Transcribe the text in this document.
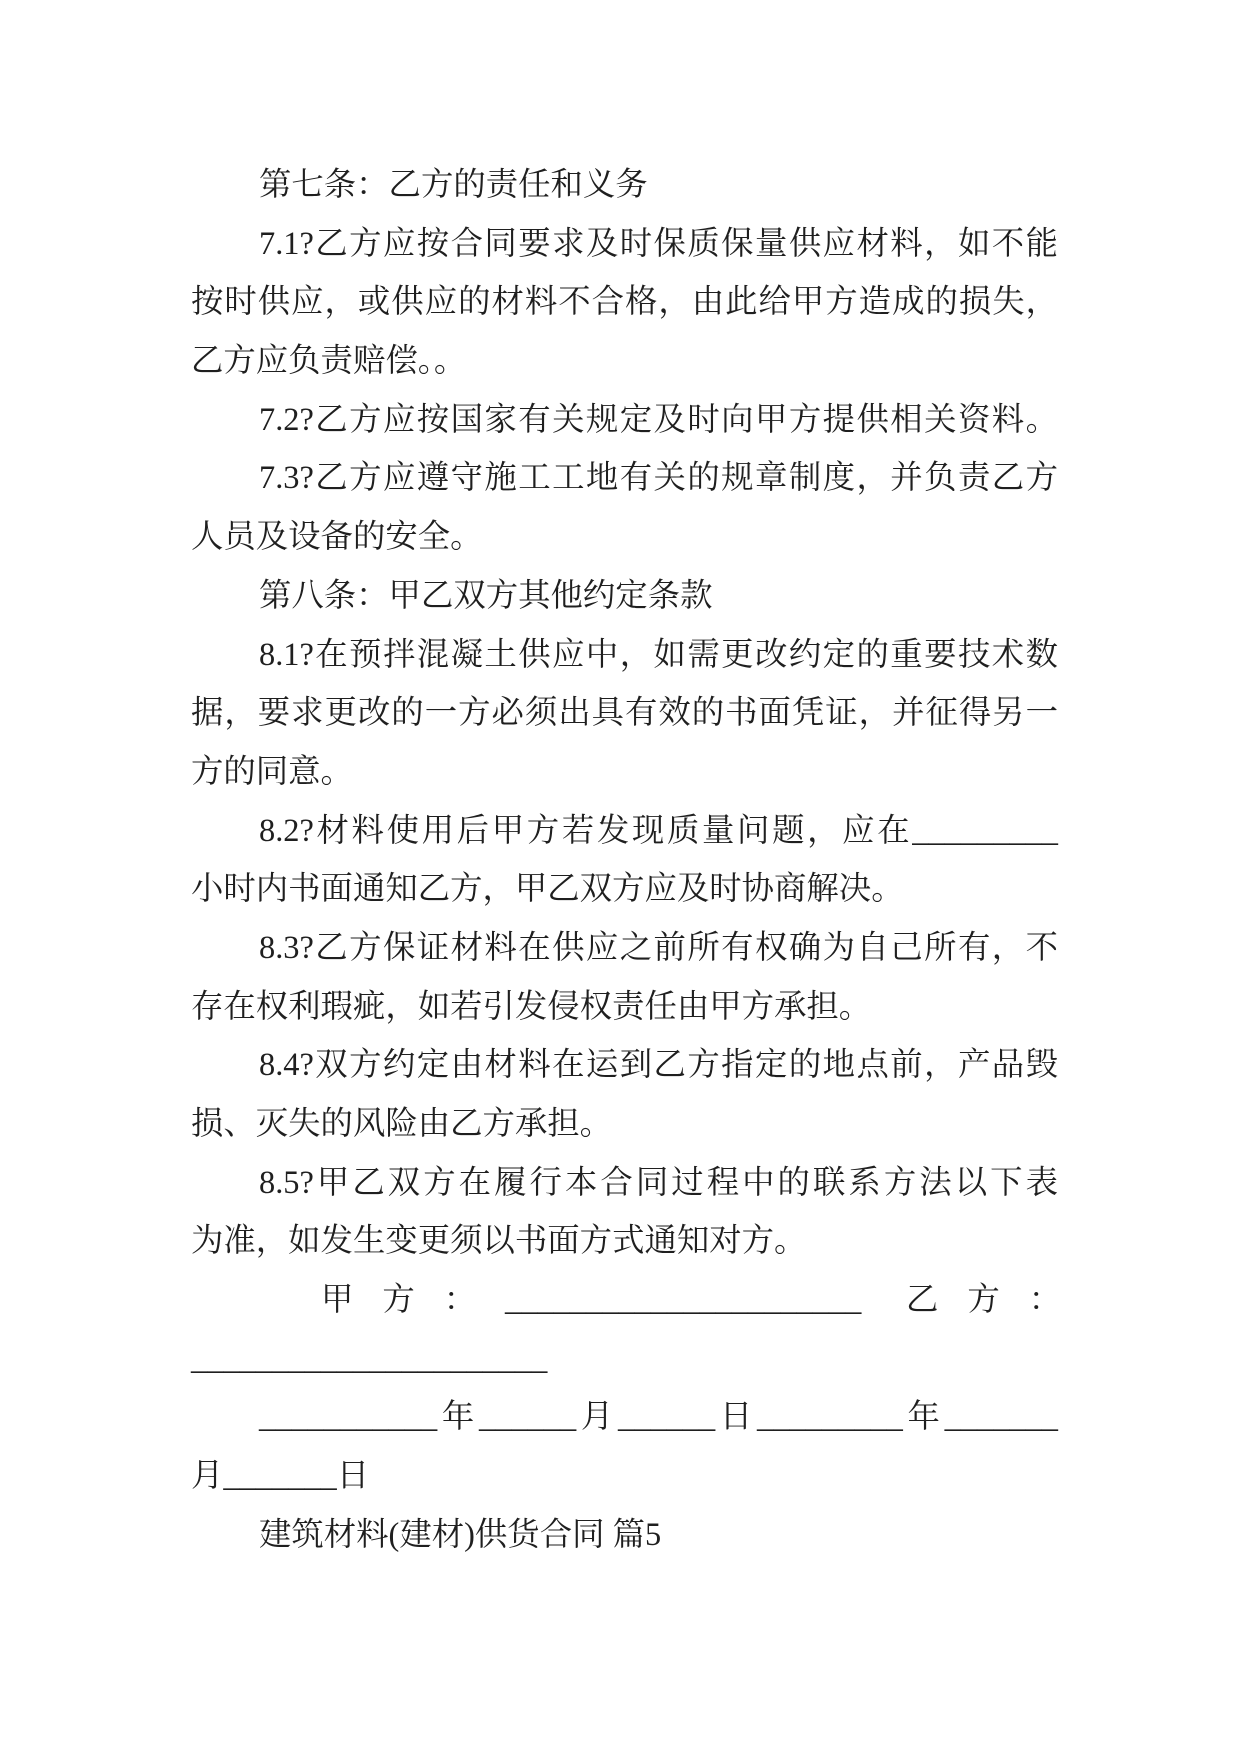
第七条：乙方的责任和义务
7.1?乙方应按合同要求及时保质保量供应材料，如不能
按时供应，或供应的材料不合格，由此给甲方造成的损失，
乙方应负责赔偿。。
7.2?乙方应按国家有关规定及时向甲方提供相关资料。
7.3?乙方应遵守施工工地有关的规章制度，并负责乙方
人员及设备的安全。
第八条：甲乙双方其他约定条款
8.1?在预拌混凝土供应中，如需更改约定的重要技术数
据，要求更改的一方必须出具有效的书面凭证，并征得另一
方的同意。
8.2?材料使用后甲方若发现质量问题，应在_________
小时内书面通知乙方，甲乙双方应及时协商解决。
8.3?乙方保证材料在供应之前所有权确为自己所有，不
存在权利瑕疵，如若引发侵权责任由甲方承担。
8.4?双方约定由材料在运到乙方指定的地点前，产品毁
损、灭失的风险由乙方承担。
8.5?甲乙双方在履行本合同过程中的联系方法以下表
为准，如发生变更须以书面方式通知对方。
甲方： ______________________ 乙方：
______________________
___________年______月______日_________年_______
月_______日
建筑材料(建材)供货合同 篇5
